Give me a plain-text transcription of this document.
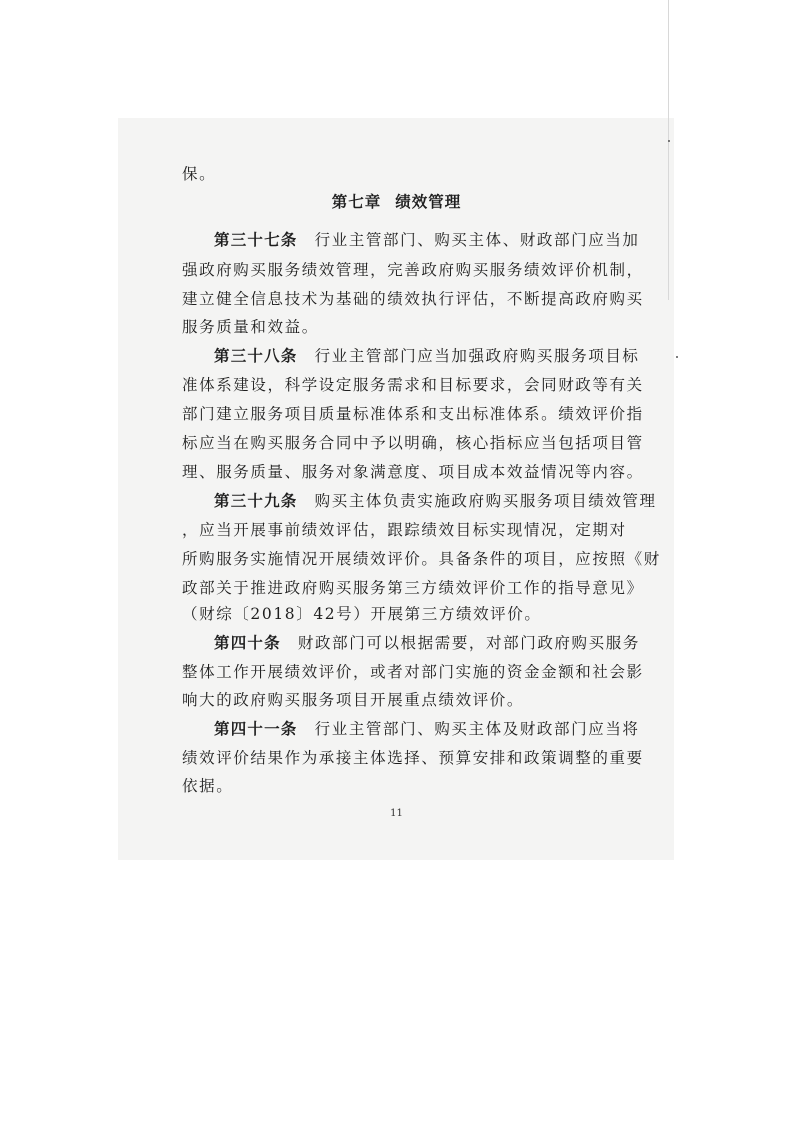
保。
第七章 绩效管理
第三十七条　 行业主管部门、购买主体、财政部门应当加
强政府购买服务绩效管理，完善政府购买服务绩效评价机制，
建立健全信息技术为基础的绩效执行评估，不断提高政府购买
服务质量和效益。
第三十八条　 行业主管部门应当加强政府购买服务项目标
准体系建设，科学设定服务需求和目标要求，会同财政等有关
部门建立服务项目质量标准体系和支出标准体系。绩效评价指
标应当在购买服务合同中予以明确，核心指标应当包括项目管
理、服务质量、服务对象满意度、项目成本效益情况等内容。
第三十九条　 购买主体负责实施政府购买服务项目绩效管理
，应当开展事前绩效评估，跟踪绩效目标实现情况，定期对
所购服务实施情况开展绩效评价。具备条件的项目，应按照《财
政部关于推进政府购买服务第三方绩效评价工作的指导意见》
（财综〔2018〕42号）开展第三方绩效评价。
第四十条　 财政部门可以根据需要，对部门政府购买服务
整体工作开展绩效评价，或者对部门实施的资金金额和社会影
响大的政府购买服务项目开展重点绩效评价。
第四十一条　 行业主管部门、购买主体及财政部门应当将
绩效评价结果作为承接主体选择、预算安排和政策调整的重要
依据。
11
